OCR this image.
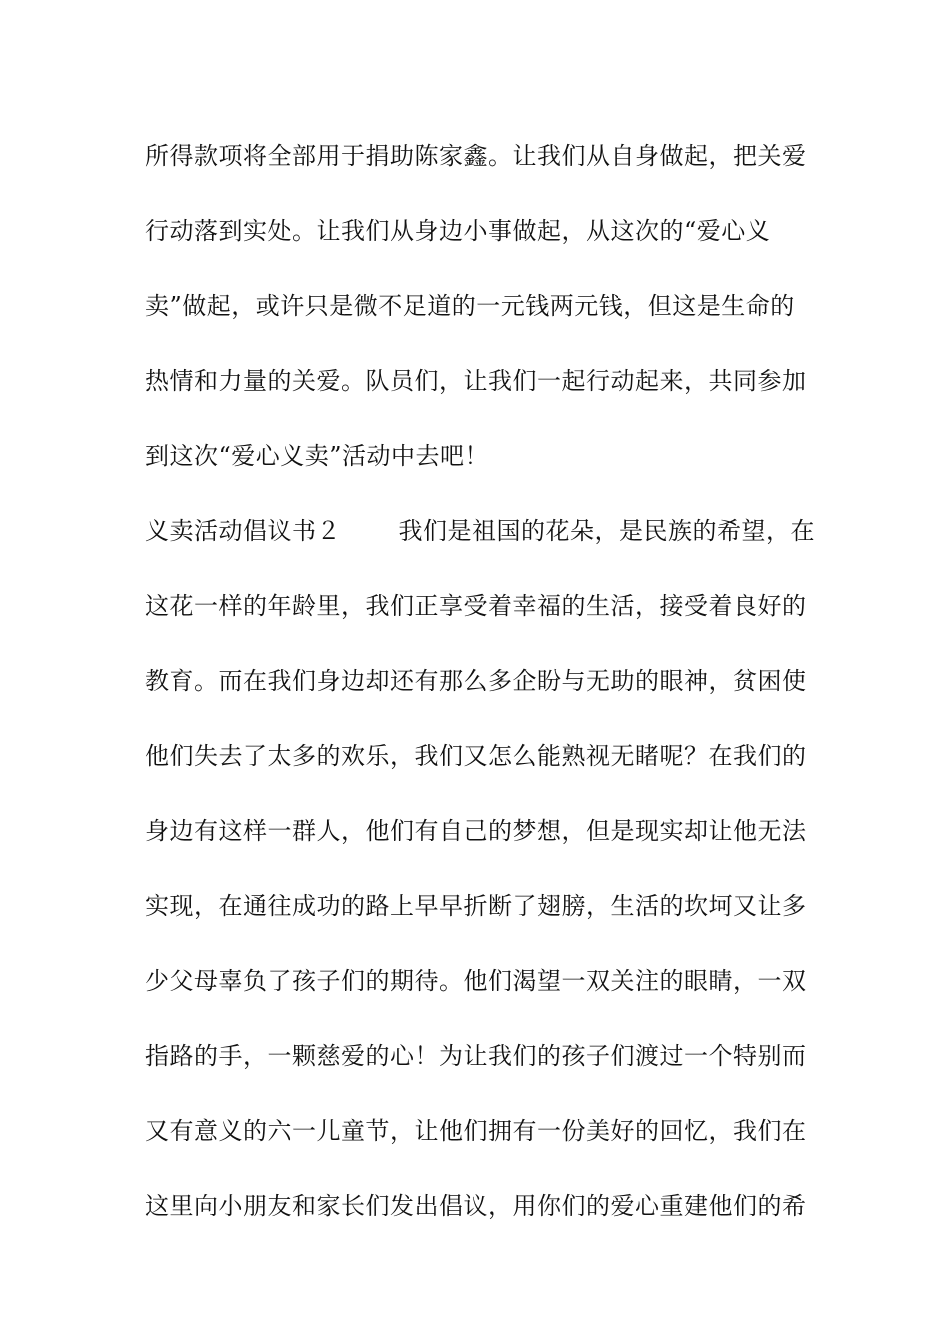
所得款项将全部用于捐助陈家鑫。让我们从自身做起，把关爱
行动落到实处。让我们从身边小事做起，从这次的“爱心义
卖”做起，或许只是微不足道的一元钱两元钱，但这是生命的
热情和力量的关爱。队员们，让我们一起行动起来，共同参加
到这次“爱心义卖”活动中去吧！
义卖活动倡议书２ 我们是祖国的花朵，是民族的希望，在
这花一样的年龄里，我们正享受着幸福的生活，接受着良好的
教育。而在我们身边却还有那么多企盼与无助的眼神，贫困使
他们失去了太多的欢乐，我们又怎么能熟视无睹呢？在我们的
身边有这样一群人，他们有自己的梦想，但是现实却让他无法
实现，在通往成功的路上早早折断了翅膀，生活的坎坷又让多
少父母辜负了孩子们的期待。他们渴望一双关注的眼睛，一双
指路的手，一颗慈爱的心！为让我们的孩子们渡过一个特别而
又有意义的六一儿童节，让他们拥有一份美好的回忆，我们在
这里向小朋友和家长们发出倡议，用你们的爱心重建他们的希
